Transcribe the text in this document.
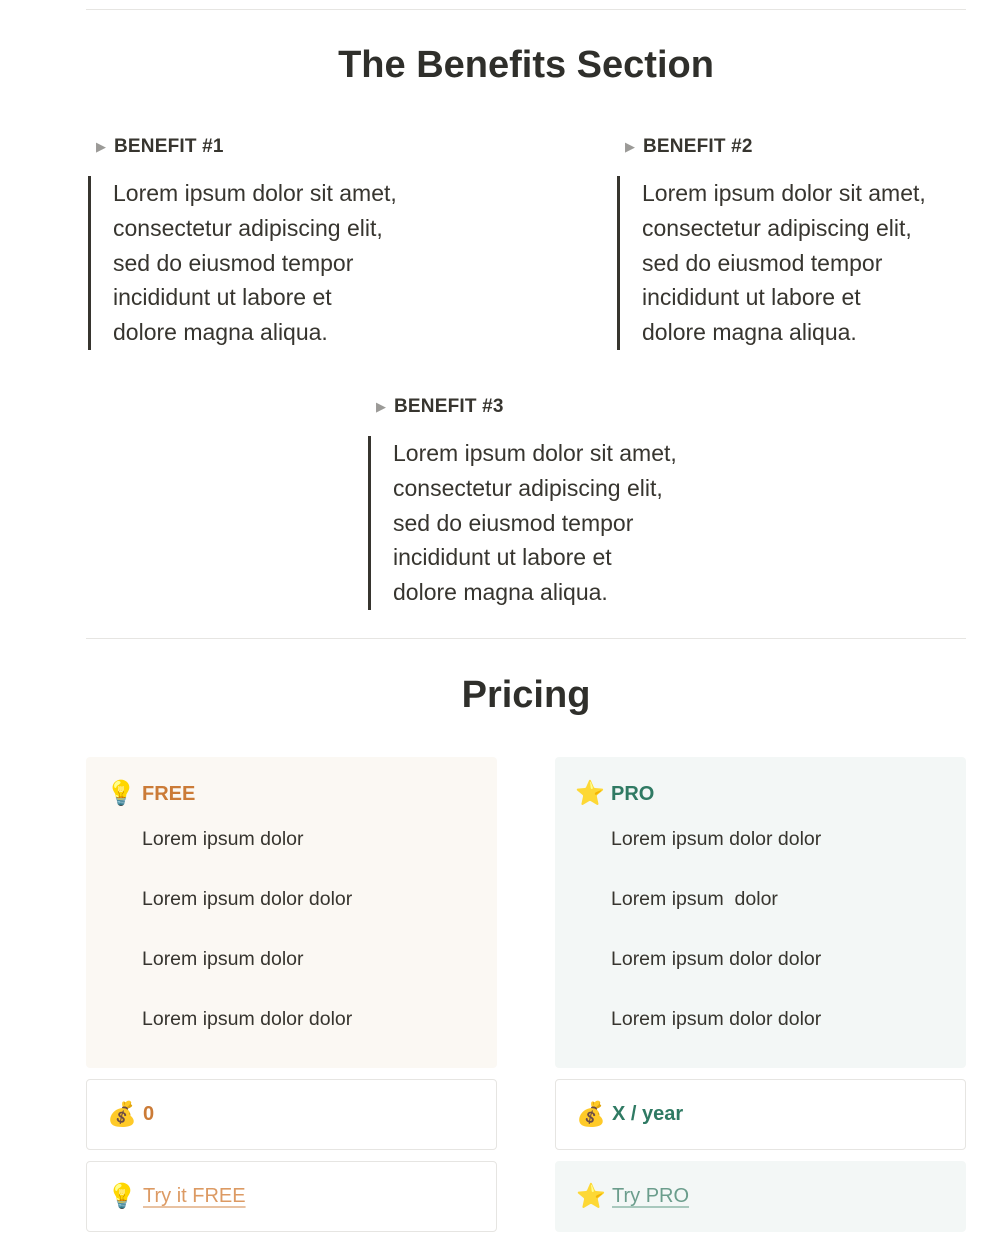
The Benefits Section
▶ BENEFIT #1
Lorem ipsum dolor sit amet,
consectetur adipiscing elit,
sed do eiusmod tempor
incididunt ut labore et
dolore magna aliqua.
▶ BENEFIT #2
Lorem ipsum dolor sit amet,
consectetur adipiscing elit,
sed do eiusmod tempor
incididunt ut labore et
dolore magna aliqua.
▶ BENEFIT #3
Lorem ipsum dolor sit amet,
consectetur adipiscing elit,
sed do eiusmod tempor
incididunt ut labore et
dolore magna aliqua.
Pricing
💡 FREE
Lorem ipsum dolor
Lorem ipsum dolor dolor
Lorem ipsum dolor
Lorem ipsum dolor dolor
⭐ PRO
Lorem ipsum dolor dolor
Lorem ipsum  dolor
Lorem ipsum dolor dolor
Lorem ipsum dolor dolor
💰 0	💰 X / year
💡 Try it FREE	⭐ Try PRO
